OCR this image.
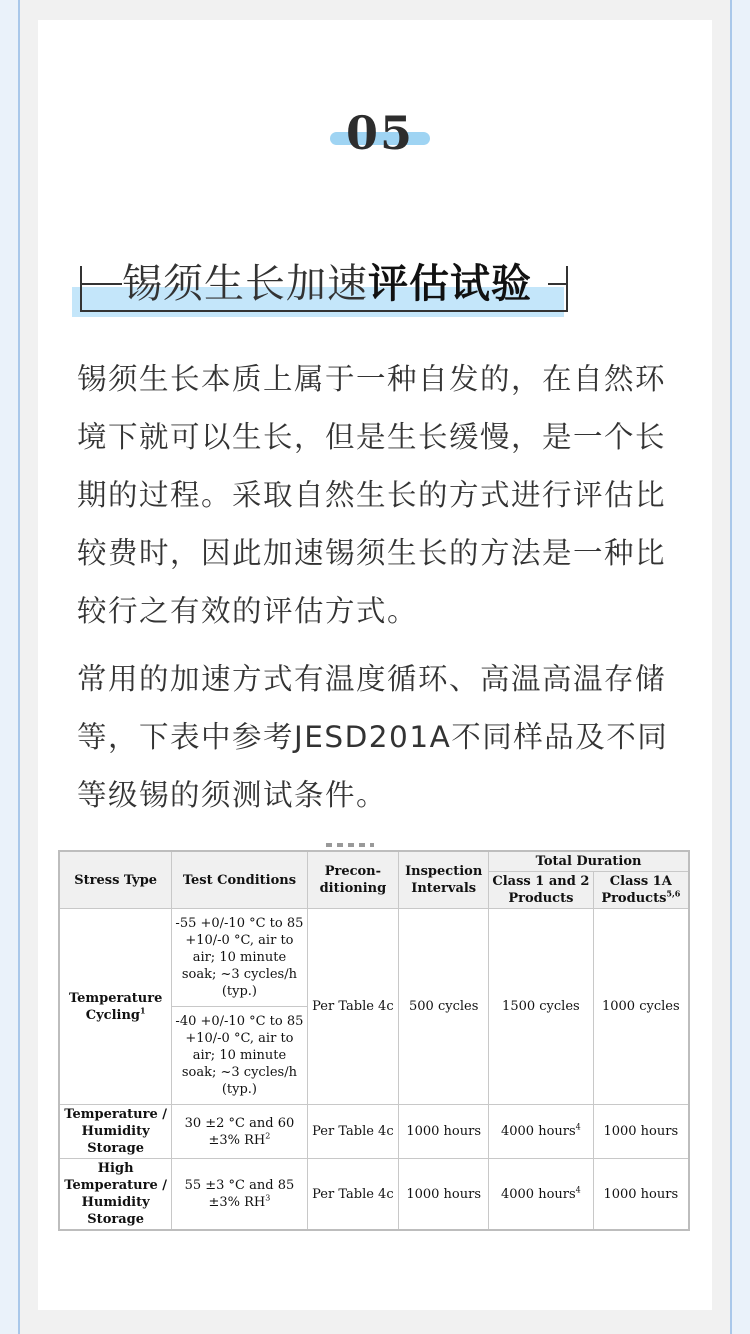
05
锡须生长加速评估试验

锡须生长本质上属于一种自发的，在自然环境下就可以生长，但是生长缓慢，是一个长期的过程。采取自然生长的方式进行评估比较费时，因此加速锡须生长的方法是一种比较行之有效的评估方式。

常用的加速方式有温度循环、高温高温存储等，下表中参考JESD201A不同样品及不同等级锡的须测试条件。

Stress Type	Test Conditions	Precon-ditioning	Inspection Intervals	Total Duration	
				Class 1 and 2 Products	Class 1A Products$^{5,6}$
Temperature Cycling$^1$	-55 +0/-10 °C to 85 +10/-0 °C, air to air; 10 minute soak; ~3 cycles/h (typ.)	Per Table 4c	500 cycles	1500 cycles	1000 cycles
	-40 +0/-10 °C to 85 +10/-0 °C, air to air; 10 minute soak; ~3 cycles/h (typ.)				
Temperature / Humidity Storage	30 ±2 °C and 60 ±3% $RH^2$	Per Table 4c	1000 hours	4000 hours$^4$	1000 hours
High Temperature / Humidity Storage	55 ±3 °C and 85 ±3% $RH^3$	Per Table 4c	1000 hours	4000 hours$^4$	1000 hours
